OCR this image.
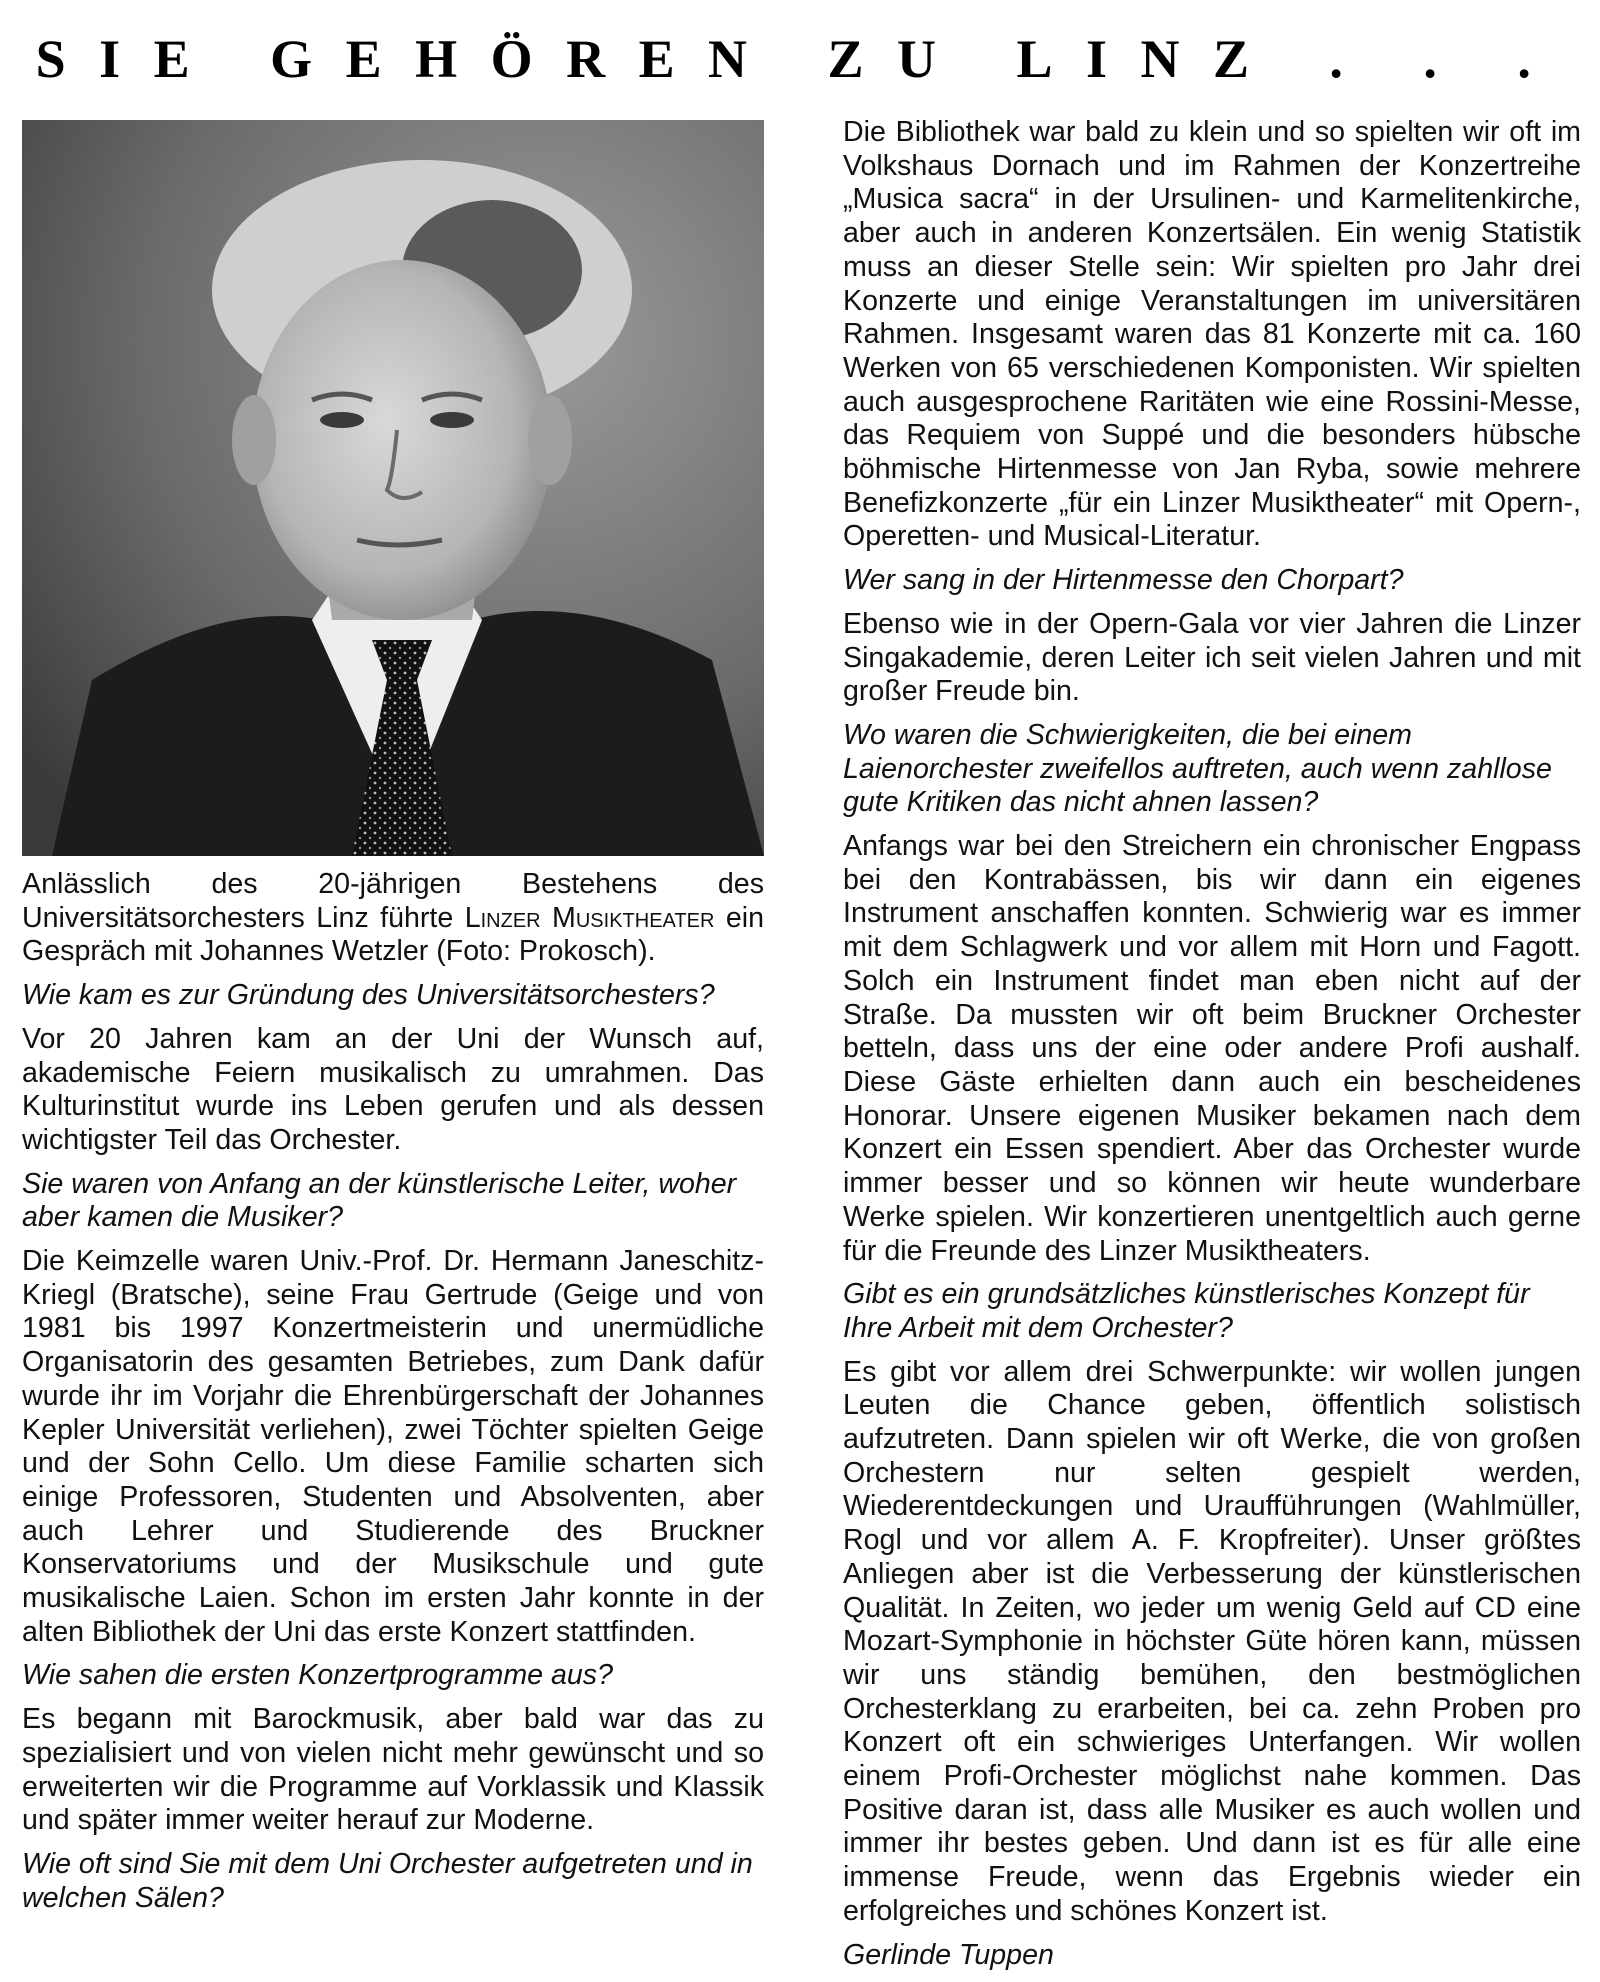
SIE GEHÖREN ZU LINZ . . .

Anlässlich des 20-jährigen Bestehens des Universitätsorchesters Linz führte Linzer Musiktheater ein Gespräch mit Johannes Wetzler (Foto: Prokosch).

Wie kam es zur Gründung des Universitätsorchesters?

Vor 20 Jahren kam an der Uni der Wunsch auf, akademische Feiern musikalisch zu umrahmen. Das Kulturinstitut wurde ins Leben gerufen und als dessen wichtigster Teil das Orchester.

Sie waren von Anfang an der künstlerische Leiter, woher aber kamen die Musiker?

Die Keimzelle waren Univ.-Prof. Dr. Hermann Janeschitz-Kriegl (Bratsche), seine Frau Gertrude (Geige und von 1981 bis 1997 Konzertmeisterin und unermüdliche Organisatorin des gesamten Betriebes, zum Dank dafür wurde ihr im Vorjahr die Ehrenbürgerschaft der Johannes Kepler Universität verliehen), zwei Töchter spielten Geige und der Sohn Cello. Um diese Familie scharten sich einige Professoren, Studenten und Absolventen, aber auch Lehrer und Studierende des Bruckner Konservatoriums und der Musikschule und gute musikalische Laien. Schon im ersten Jahr konnte in der alten Bibliothek der Uni das erste Konzert stattfinden.

Wie sahen die ersten Konzertprogramme aus?

Es begann mit Barockmusik, aber bald war das zu spezialisiert und von vielen nicht mehr gewünscht und so erweiterten wir die Programme auf Vorklassik und Klassik und später immer weiter herauf zur Moderne.

Wie oft sind Sie mit dem Uni Orchester aufgetreten und in welchen Sälen?

Die Bibliothek war bald zu klein und so spielten wir oft im Volkshaus Dornach und im Rahmen der Konzertreihe „Musica sacra“ in der Ursulinen- und Karmelitenkirche, aber auch in anderen Konzertsälen. Ein wenig Statistik muss an dieser Stelle sein: Wir spielten pro Jahr drei Konzerte und einige Veranstaltungen im universitären Rahmen. Insgesamt waren das 81 Konzerte mit ca. 160 Werken von 65 verschiedenen Komponisten. Wir spielten auch ausgesprochene Raritäten wie eine Rossini-Messe, das Requiem von Suppé und die besonders hübsche böhmische Hirtenmesse von Jan Ryba, sowie mehrere Benefizkonzerte „für ein Linzer Musiktheater“ mit Opern-, Operetten- und Musical-Literatur.

Wer sang in der Hirtenmesse den Chorpart?

Ebenso wie in der Opern-Gala vor vier Jahren die Linzer Singakademie, deren Leiter ich seit vielen Jahren und mit großer Freude bin.

Wo waren die Schwierigkeiten, die bei einem Laienorchester zweifellos auftreten, auch wenn zahllose gute Kritiken das nicht ahnen lassen?

Anfangs war bei den Streichern ein chronischer Engpass bei den Kontrabässen, bis wir dann ein eigenes Instrument anschaffen konnten. Schwierig war es immer mit dem Schlagwerk und vor allem mit Horn und Fagott. Solch ein Instrument findet man eben nicht auf der Straße. Da mussten wir oft beim Bruckner Orchester betteln, dass uns der eine oder andere Profi aushalf. Diese Gäste erhielten dann auch ein bescheidenes Honorar. Unsere eigenen Musiker bekamen nach dem Konzert ein Essen spendiert. Aber das Orchester wurde immer besser und so können wir heute wunderbare Werke spielen. Wir konzertieren unentgeltlich auch gerne für die Freunde des Linzer Musiktheaters.

Gibt es ein grundsätzliches künstlerisches Konzept für Ihre Arbeit mit dem Orchester?

Es gibt vor allem drei Schwerpunkte: wir wollen jungen Leuten die Chance geben, öffentlich solistisch aufzutreten. Dann spielen wir oft Werke, die von großen Orchestern nur selten gespielt werden, Wiederentdeckungen und Uraufführungen (Wahlmüller, Rogl und vor allem A. F. Kropfreiter). Unser größtes Anliegen aber ist die Verbesserung der künstlerischen Qualität. In Zeiten, wo jeder um wenig Geld auf CD eine Mozart-Symphonie in höchster Güte hören kann, müssen wir uns ständig bemühen, den bestmöglichen Orchesterklang zu erarbeiten, bei ca. zehn Proben pro Konzert oft ein schwieriges Unterfangen. Wir wollen einem Profi-Orchester möglichst nahe kommen. Das Positive daran ist, dass alle Musiker es auch wollen und immer ihr bestes geben. Und dann ist es für alle eine immense Freude, wenn das Ergebnis wieder ein erfolgreiches und schönes Konzert ist.

Gerlinde Tuppen
